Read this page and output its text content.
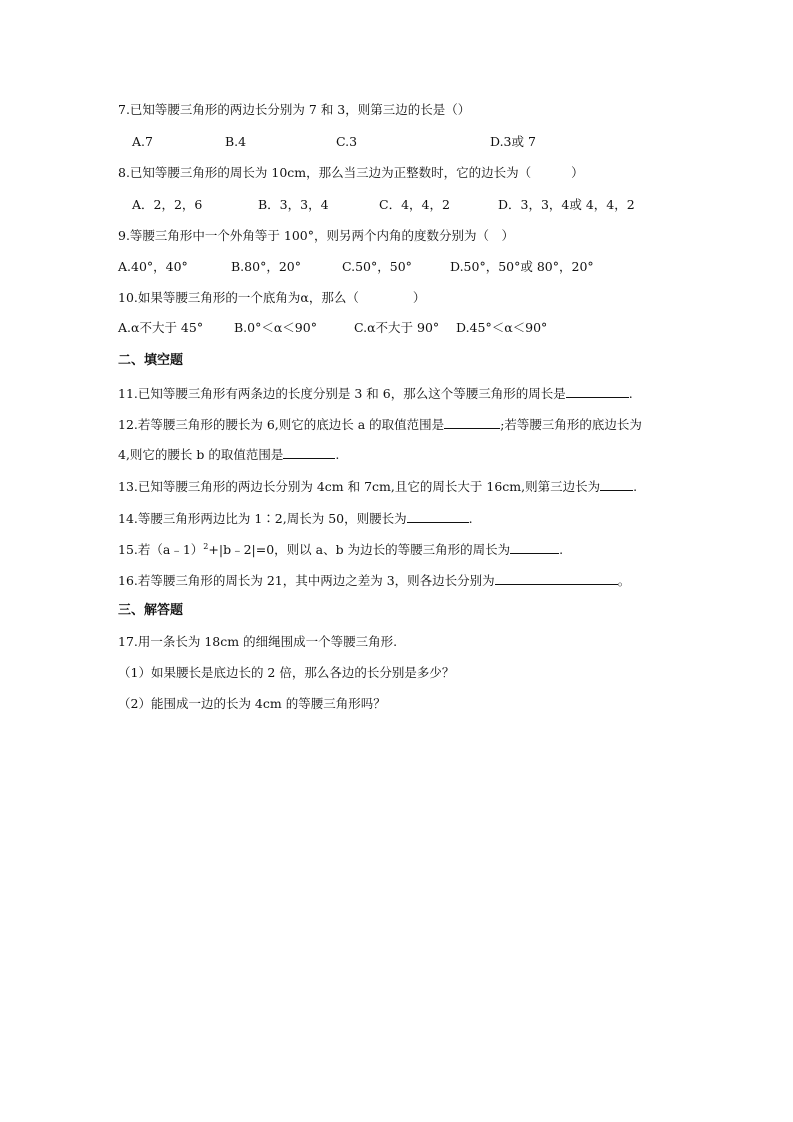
7.已知等腰三角形的两边长分别为 7 和 3，则第三边的长是（）
A.7	B.4	C.3	D.3或 7
8.已知等腰三角形的周长为 10cm，那么当三边为正整数时，它的边长为（	）
A．2，2，6	B．3，3，4	C．4，4，2	D．3，3，4或 4，4，2
9.等腰三角形中一个外角等于 100°，则另两个内角的度数分别为（　）
A.40°，40°	B.80°，20°	C.50°，50°	D.50°，50°或 80°，20°
10.如果等腰三角形的一个底角为α，那么（	）
A.α不大于 45° B.0°＜α＜90°	C.α不大于 90° D.45°＜α＜90°
二、填空题
11.已知等腰三角形有两条边的长度分别是 3 和 6，那么这个等腰三角形的周长是	.
12.若等腰三角形的腰长为 6,则它的底边长 a 的取值范围是	;若等腰三角形的底边长为
4,则它的腰长 b 的取值范围是	.
13.已知等腰三角形的两边长分别为 4cm 和 7cm,且它的周长大于 16cm,则第三边长为	.
14.等腰三角形两边比为 1∶2,周长为 50，则腰长为	.
15.若（a﹣1）$^2$+|b﹣2|=0，则以 a、b 为边长的等腰三角形的周长为	.
16.若等腰三角形的周长为 21，其中两边之差为 3，则各边长分别为	。
三、解答题
17.用一条长为 18cm 的细绳围成一个等腰三角形.
（1）如果腰长是底边长的 2 倍，那么各边的长分别是多少？
（2）能围成一边的长为 4cm 的等腰三角形吗？
